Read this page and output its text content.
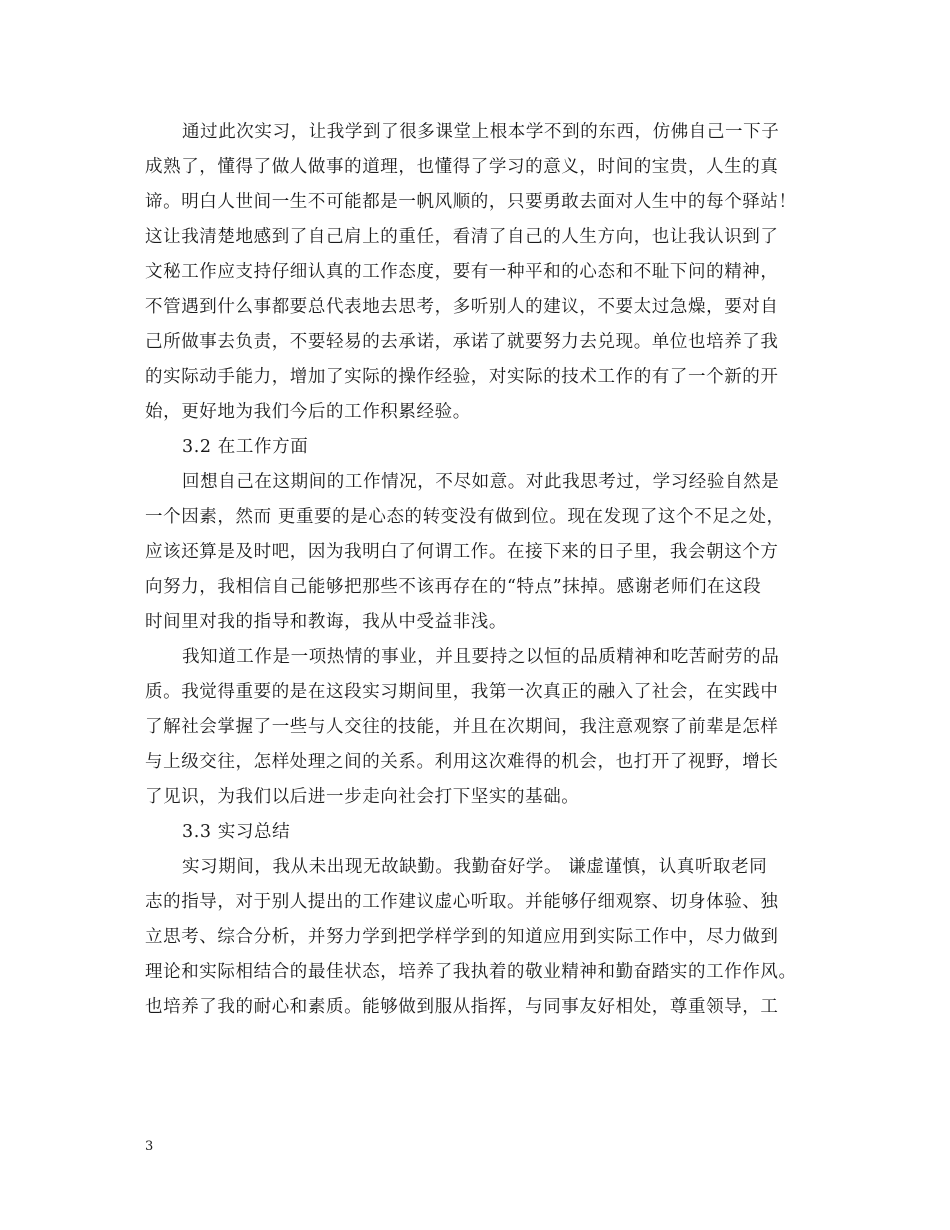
通过此次实习，让我学到了很多课堂上根本学不到的东西，仿佛自己一下子
成熟了，懂得了做人做事的道理，也懂得了学习的意义，时间的宝贵，人生的真
谛。明白人世间一生不可能都是一帆风顺的，只要勇敢去面对人生中的每个驿站！
这让我清楚地感到了自己肩上的重任，看清了自己的人生方向，也让我认识到了
文秘工作应支持仔细认真的工作态度，要有一种平和的心态和不耻下问的精神，
不管遇到什么事都要总代表地去思考，多听别人的建议，不要太过急燥，要对自
己所做事去负责，不要轻易的去承诺，承诺了就要努力去兑现。单位也培养了我
的实际动手能力，增加了实际的操作经验，对实际的技术工作的有了一个新的开
始，更好地为我们今后的工作积累经验。
3.2 在工作方面
回想自己在这期间的工作情况，不尽如意。对此我思考过，学习经验自然是
一个因素，然而 更重要的是心态的转变没有做到位。现在发现了这个不足之处，
应该还算是及时吧，因为我明白了何谓工作。在接下来的日子里，我会朝这个方
向努力，我相信自己能够把那些不该再存在的“特点”抹掉。感谢老师们在这段
时间里对我的指导和教诲，我从中受益非浅。
我知道工作是一项热情的事业，并且要持之以恒的品质精神和吃苦耐劳的品
质。我觉得重要的是在这段实习期间里，我第一次真正的融入了社会，在实践中
了解社会掌握了一些与人交往的技能，并且在次期间，我注意观察了前辈是怎样
与上级交往，怎样处理之间的关系。利用这次难得的机会，也打开了视野，增长
了见识，为我们以后进一步走向社会打下坚实的基础。
3.3 实习总结
实习期间，我从未出现无故缺勤。我勤奋好学。 谦虚谨慎，认真听取老同
志的指导，对于别人提出的工作建议虚心听取。并能够仔细观察、切身体验、独
立思考、综合分析，并努力学到把学样学到的知道应用到实际工作中，尽力做到
理论和实际相结合的最佳状态，培养了我执着的敬业精神和勤奋踏实的工作作风。
也培养了我的耐心和素质。能够做到服从指挥，与同事友好相处，尊重领导，工
3
